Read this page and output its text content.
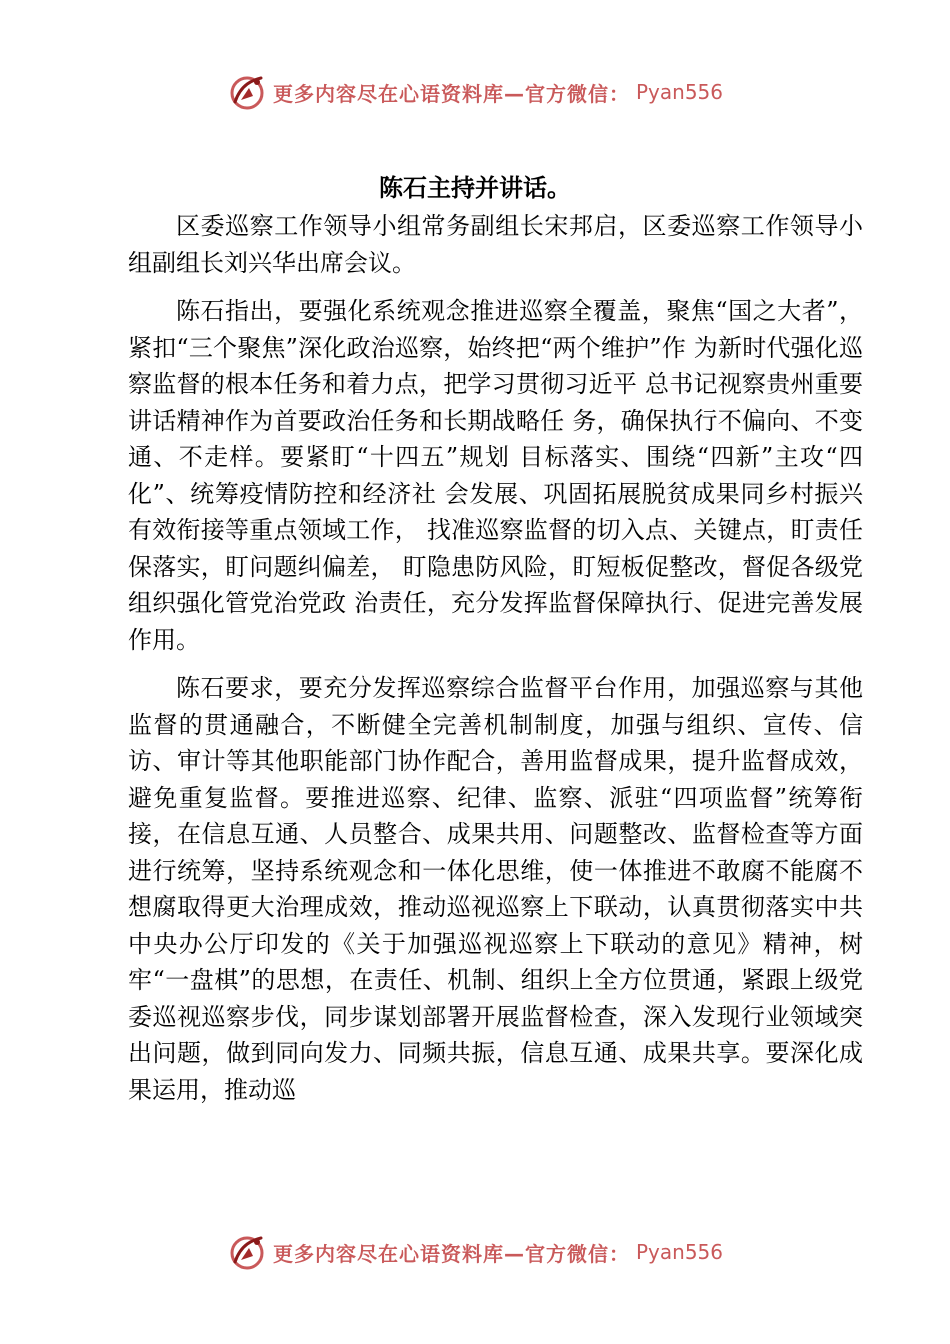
更多内容尽在心语资料库—官方微信： Pyan556
陈石主持并讲话。

区委巡察工作领导小组常务副组长宋邦启，区委巡察工作领导小组副组长刘兴华出席会议。

陈石指出，要强化系统观念推进巡察全覆盖，聚焦“国之大者”，紧扣“三个聚焦”深化政治巡察，始终把“两个维护”作 为新时代强化巡察监督的根本任务和着力点，把学习贯彻习近平 总书记视察贵州重要讲话精神作为首要政治任务和长期战略任 务，确保执行不偏向、不变通、不走样。要紧盯“十四五”规划 目标落实、围绕“四新”主攻“四化”、统筹疫情防控和经济社 会发展、巩固拓展脱贫成果同乡村振兴有效衔接等重点领域工作， 找准巡察监督的切入点、关键点，盯责任保落实，盯问题纠偏差， 盯隐患防风险，盯短板促整改，督促各级党组织强化管党治党政 治责任，充分发挥监督保障执行、促进完善发展作用。

陈石要求，要充分发挥巡察综合监督平台作用，加强巡察与其他监督的贯通融合，不断健全完善机制制度，加强与组织、宣传、信访、审计等其他职能部门协作配合，善用监督成果，提升监督成效，避免重复监督。要推进巡察、纪律、监察、派驻“四项监督”统筹衔接，在信息互通、人员整合、成果共用、问题整改、监督检查等方面进行统筹，坚持系统观念和一体化思维，使一体推进不敢腐不能腐不想腐取得更大治理成效，推动巡视巡察上下联动，认真贯彻落实中共中央办公厅印发的《关于加强巡视巡察上下联动的意见》精神，树牢“一盘棋”的思想，在责任、机制、组织上全方位贯通，紧跟上级党委巡视巡察步伐，同步谋划部署开展监督检查，深入发现行业领域突出问题，做到同向发力、同频共振，信息互通、成果共享。要深化成果运用，推动巡

更多内容尽在心语资料库—官方微信： Pyan556
